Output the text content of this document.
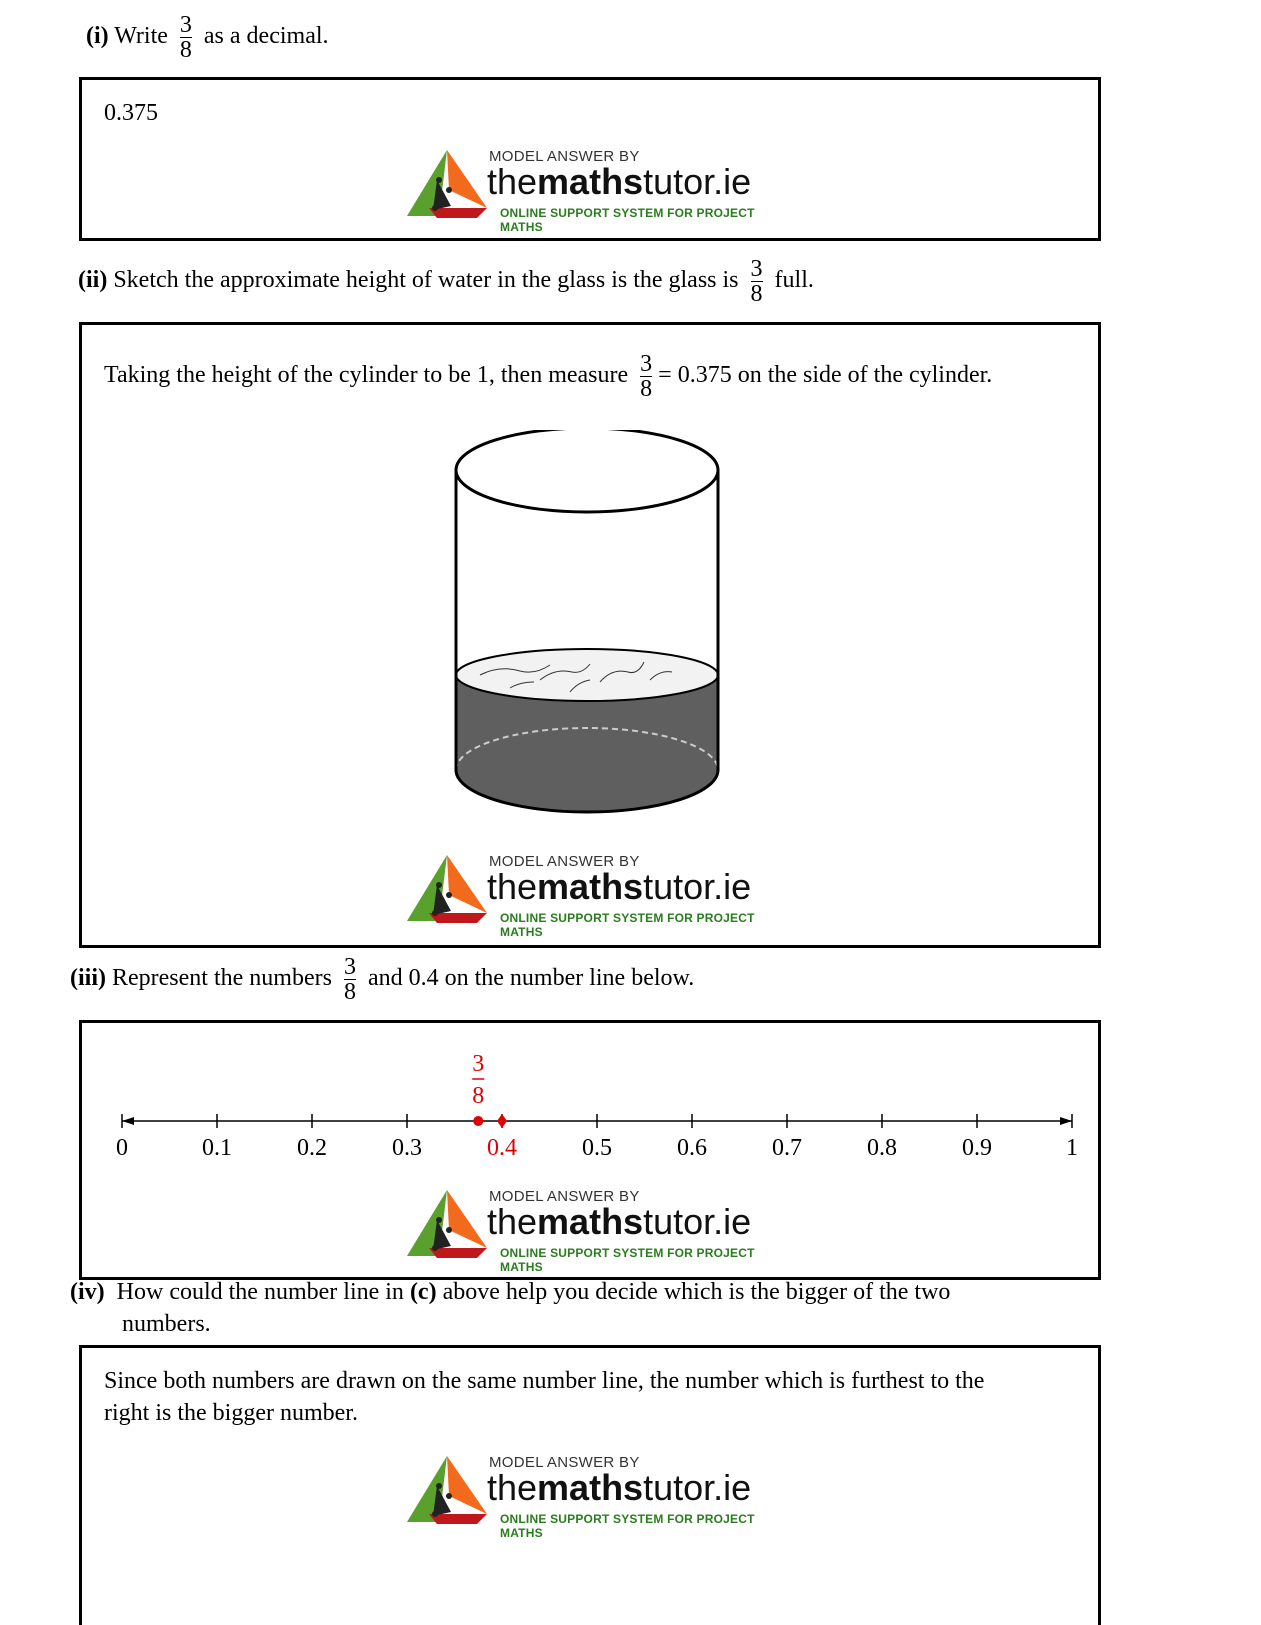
(i) Write $\frac{3}{8}$ as a decimal.
0.375
MODEL ANSWER BY
themathstutor.ie
ONLINE SUPPORT SYSTEM FOR PROJECT MATHS
(ii) Sketch the approximate height of water in the glass is the glass is $\frac{3}{8}$ full.
Taking the height of the cylinder to be 1, then measure $\frac{3}{8} = 0.375$ on the side of the cylinder.
MODEL ANSWER BY
themathstutor.ie
ONLINE SUPPORT SYSTEM FOR PROJECT MATHS
(iii) Represent the numbers $\frac{3}{8}$ and 0.4 on the number line below.
0	0.1	0.2	0.3	0.4	0.5	0.6	0.7	0.8	0.9	1
3
8
MODEL ANSWER BY
themathstutor.ie
ONLINE SUPPORT SYSTEM FOR PROJECT MATHS
(iv) How could the number line in (c) above help you decide which is the bigger of the two
numbers.
Since both numbers are drawn on the same number line, the number which is furthest to the
right is the bigger number.
MODEL ANSWER BY
themathstutor.ie
ONLINE SUPPORT SYSTEM FOR PROJECT MATHS
